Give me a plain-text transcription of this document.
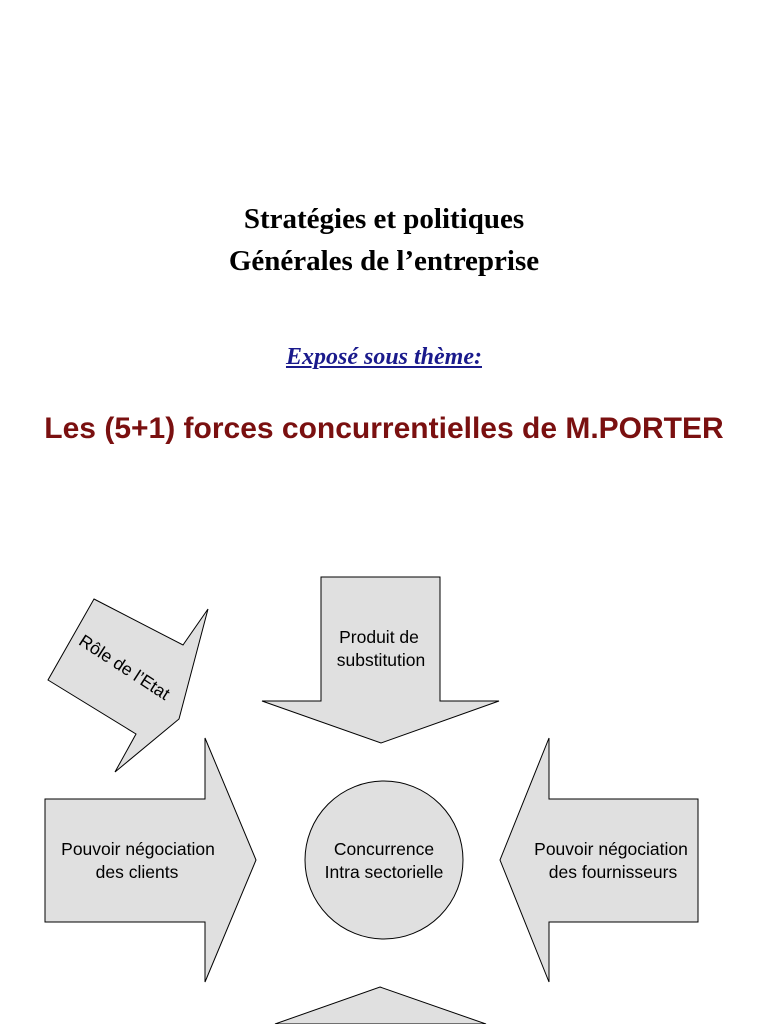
Stratégies et politiques
Générales de l’entreprise
Exposé sous thème:
Les (5+1) forces concurrentielles de M.PORTER
Produit de
substitution
Rôle de l’Etat
Pouvoir négociation
des clients
Concurrence
Intra sectorielle
Pouvoir négociation
des fournisseurs
